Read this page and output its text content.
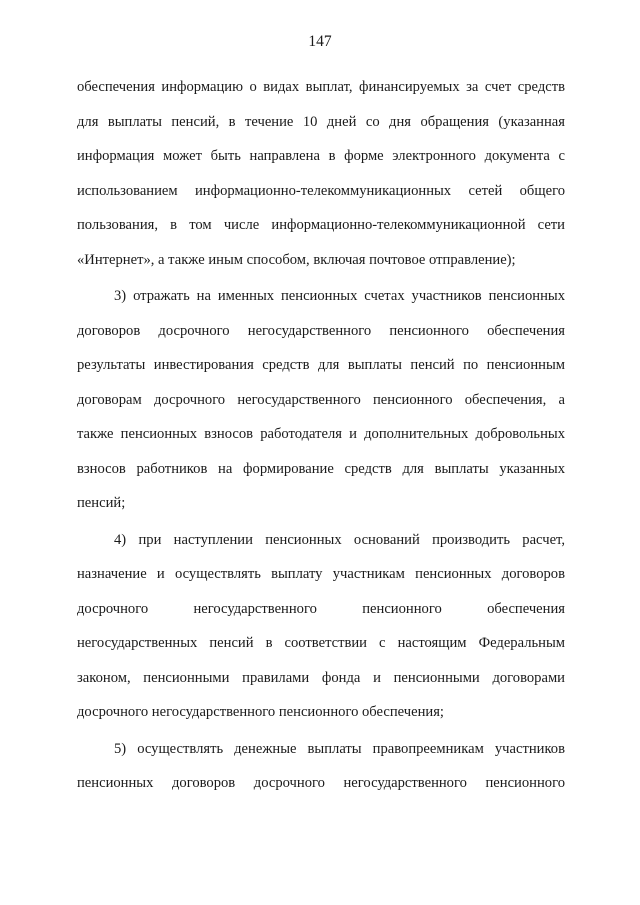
147
обеспечения информацию о видах выплат, финансируемых за счет средств
для выплаты пенсий, в течение 10 дней со дня обращения (указанная
информация может быть направлена в форме электронного документа с
использованием информационно-телекоммуникационных сетей общего
пользования, в том числе информационно-телекоммуникационной сети
«Интернет», а также иным способом, включая почтовое отправление);
3) отражать на именных пенсионных счетах участников пенсионных
договоров досрочного негосударственного пенсионного обеспечения
результаты инвестирования средств для выплаты пенсий по пенсионным
договорам досрочного негосударственного пенсионного обеспечения, а
также пенсионных взносов работодателя и дополнительных добровольных
взносов работников на формирование средств для выплаты указанных
пенсий;
4) при наступлении пенсионных оснований производить расчет,
назначение и осуществлять выплату участникам пенсионных договоров
досрочного негосударственного пенсионного обеспечения
негосударственных пенсий в соответствии с настоящим Федеральным
законом, пенсионными правилами фонда и пенсионными договорами
досрочного негосударственного пенсионного обеспечения;
5) осуществлять денежные выплаты правопреемникам участников
пенсионных договоров досрочного негосударственного пенсионного
